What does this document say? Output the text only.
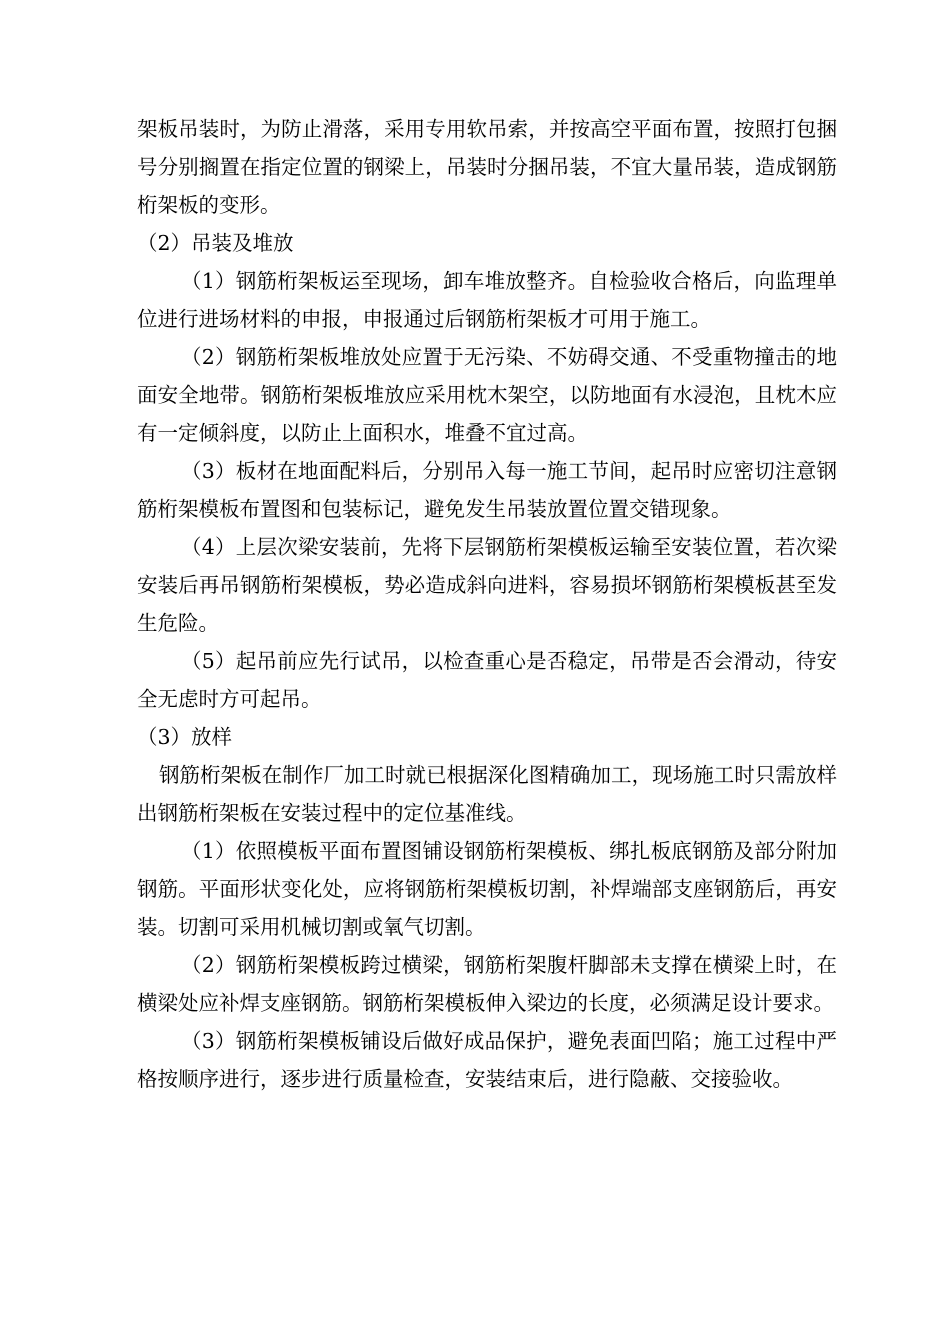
架板吊装时，为防止滑落，采用专用软吊索，并按高空平面布置，按照打包捆号分别搁置在指定位置的钢梁上，吊装时分捆吊装，不宜大量吊装，造成钢筋桁架板的变形。

（2）吊装及堆放

（1）钢筋桁架板运至现场，卸车堆放整齐。自检验收合格后，向监理单位进行进场材料的申报，申报通过后钢筋桁架板才可用于施工。

（2）钢筋桁架板堆放处应置于无污染、不妨碍交通、不受重物撞击的地面安全地带。钢筋桁架板堆放应采用枕木架空，以防地面有水浸泡，且枕木应有一定倾斜度，以防止上面积水，堆叠不宜过高。

（3）板材在地面配料后，分别吊入每一施工节间，起吊时应密切注意钢筋桁架模板布置图和包装标记，避免发生吊装放置位置交错现象。

（4）上层次梁安装前，先将下层钢筋桁架模板运输至安装位置，若次梁安装后再吊钢筋桁架模板，势必造成斜向进料，容易损坏钢筋桁架模板甚至发生危险。

（5）起吊前应先行试吊，以检查重心是否稳定，吊带是否会滑动，待安全无虑时方可起吊。

（3）放样

钢筋桁架板在制作厂加工时就已根据深化图精确加工，现场施工时只需放样出钢筋桁架板在安装过程中的定位基准线。

（1）依照模板平面布置图铺设钢筋桁架模板、绑扎板底钢筋及部分附加钢筋。平面形状变化处，应将钢筋桁架模板切割，补焊端部支座钢筋后，再安装。切割可采用机械切割或氧气切割。

（2）钢筋桁架模板跨过横梁，钢筋桁架腹杆脚部未支撑在横梁上时，在横梁处应补焊支座钢筋。钢筋桁架模板伸入梁边的长度，必须满足设计要求。

（3）钢筋桁架模板铺设后做好成品保护，避免表面凹陷；施工过程中严格按顺序进行，逐步进行质量检查，安装结束后，进行隐蔽、交接验收。
